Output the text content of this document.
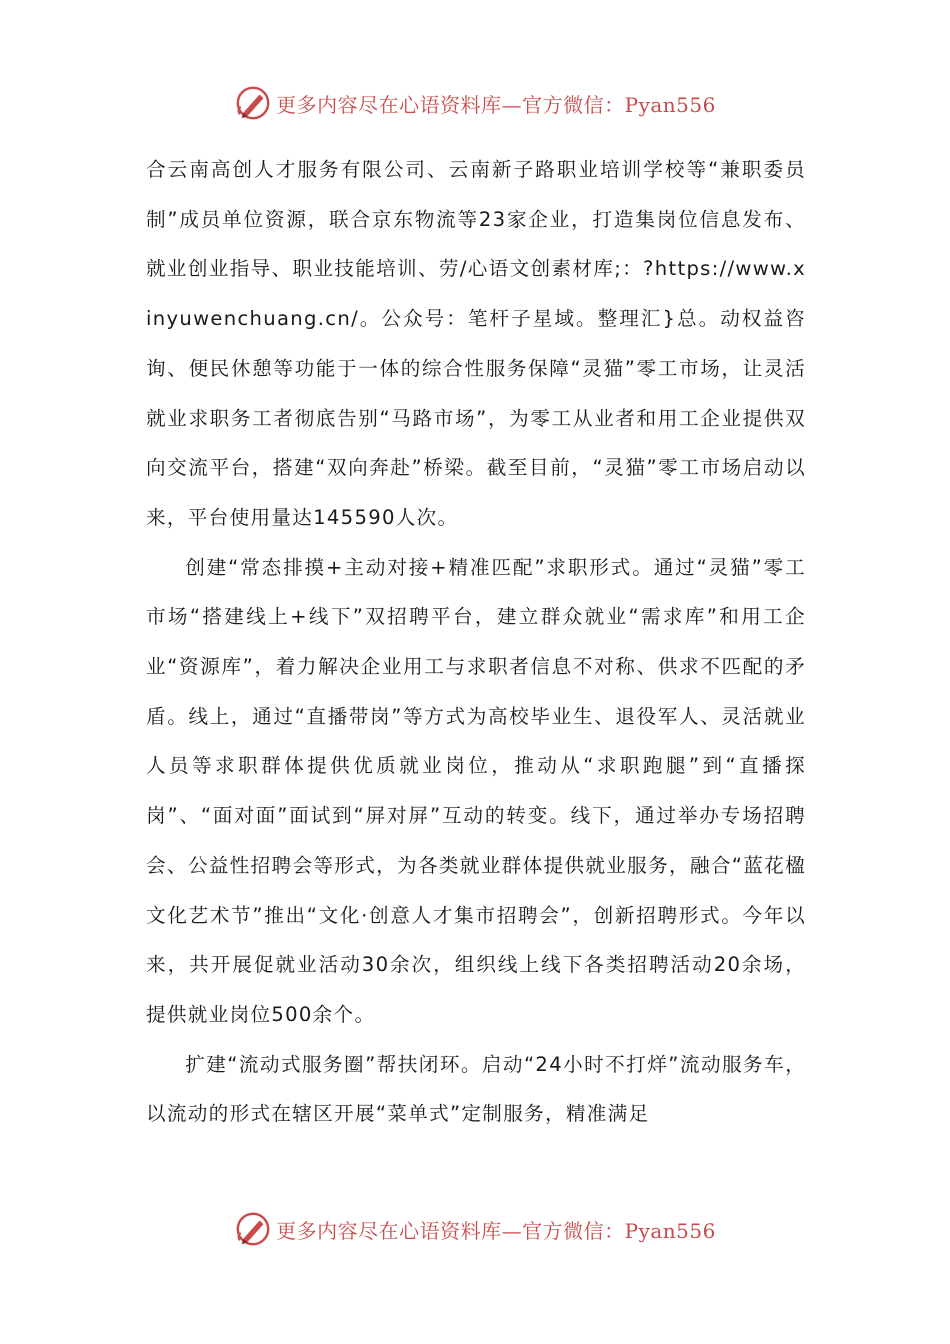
更多内容尽在心语资料库—官方微信：Pyan556

合云南高创人才服务有限公司、云南新子路职业培训学校等“兼职委员制”成员单位资源，联合京东物流等23家企业，打造集岗位信息发布、就业创业指导、职业技能培训、劳/心语文创素材库;：?https://www.xinyuwenchuang.cn/。公众号：笔杆子星域。整理汇}总。动权益咨询、便民休憩等功能于一体的综合性服务保障“灵猫”零工市场，让灵活就业求职务工者彻底告别“马路市场”，为零工从业者和用工企业提供双向交流平台，搭建“双向奔赴”桥梁。截至目前，“灵猫”零工市场启动以来，平台使用量达145590人次。

创建“常态排摸+主动对接+精准匹配”求职形式。通过“灵猫”零工市场“搭建线上+线下”双招聘平台，建立群众就业“需求库”和用工企业“资源库”，着力解决企业用工与求职者信息不对称、供求不匹配的矛盾。线上，通过“直播带岗”等方式为高校毕业生、退役军人、灵活就业人员等求职群体提供优质就业岗位，推动从“求职跑腿”到“直播探岗”、“面对面”面试到“屏对屏”互动的转变。线下，通过举办专场招聘会、公益性招聘会等形式，为各类就业群体提供就业服务，融合“蓝花楹文化艺术节”推出“文化·创意人才集市招聘会”，创新招聘形式。今年以来，共开展促就业活动30余次，组织线上线下各类招聘活动20余场，提供就业岗位500余个。

扩建“流动式服务圈”帮扶闭环。启动“24小时不打烊”流动服务车，以流动的形式在辖区开展“菜单式”定制服务，精准满足

更多内容尽在心语资料库—官方微信：Pyan556
